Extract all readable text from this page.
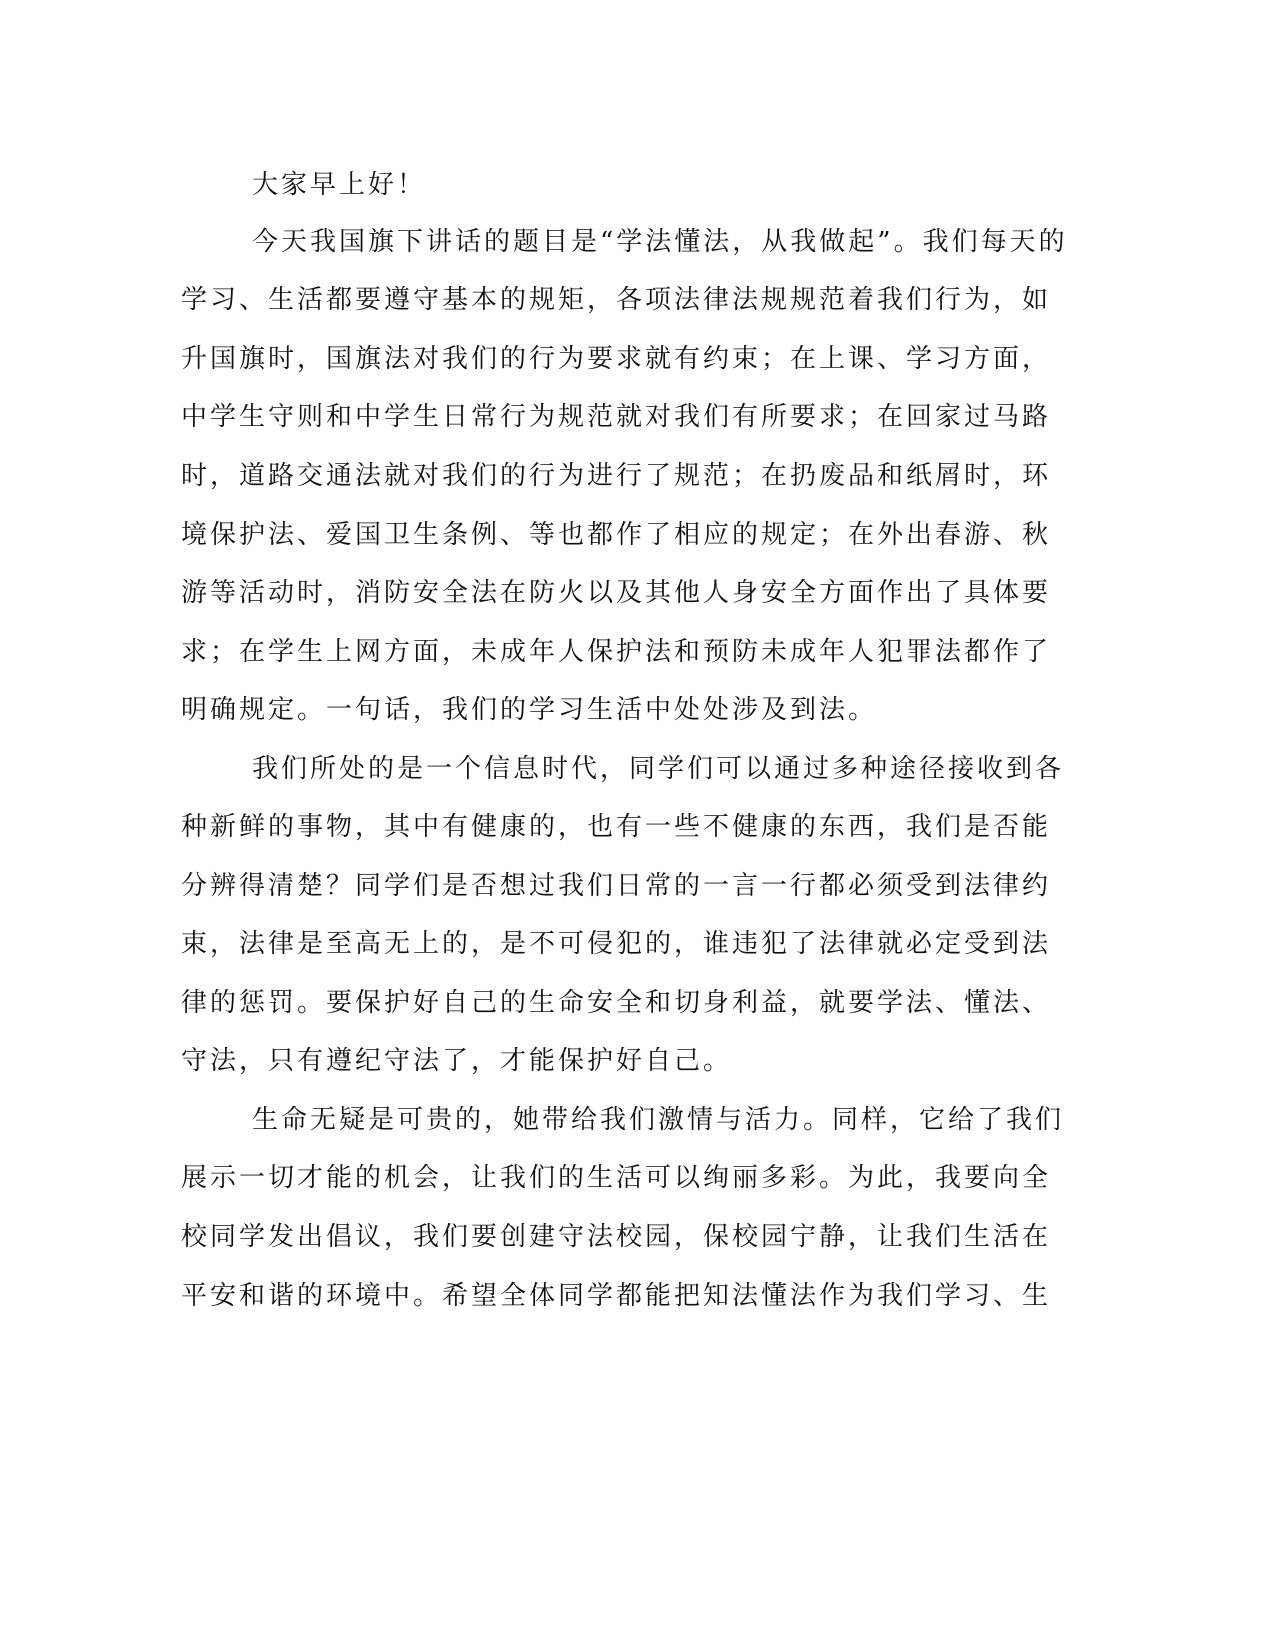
大家早上好！
今天我国旗下讲话的题目是“学法懂法，从我做起”。我们每天的
学习、生活都要遵守基本的规矩，各项法律法规规范着我们行为，如
升国旗时，国旗法对我们的行为要求就有约束；在上课、学习方面，
中学生守则和中学生日常行为规范就对我们有所要求；在回家过马路
时，道路交通法就对我们的行为进行了规范；在扔废品和纸屑时，环
境保护法、爱国卫生条例、等也都作了相应的规定；在外出春游、秋
游等活动时，消防安全法在防火以及其他人身安全方面作出了具体要
求；在学生上网方面，未成年人保护法和预防未成年人犯罪法都作了
明确规定。一句话，我们的学习生活中处处涉及到法。
我们所处的是一个信息时代，同学们可以通过多种途径接收到各
种新鲜的事物，其中有健康的，也有一些不健康的东西，我们是否能
分辨得清楚？同学们是否想过我们日常的一言一行都必须受到法律约
束，法律是至高无上的，是不可侵犯的，谁违犯了法律就必定受到法
律的惩罚。要保护好自己的生命安全和切身利益，就要学法、懂法、
守法，只有遵纪守法了，才能保护好自己。
生命无疑是可贵的，她带给我们激情与活力。同样，它给了我们
展示一切才能的机会，让我们的生活可以绚丽多彩。为此，我要向全
校同学发出倡议，我们要创建守法校园，保校园宁静，让我们生活在
平安和谐的环境中。希望全体同学都能把知法懂法作为我们学习、生
